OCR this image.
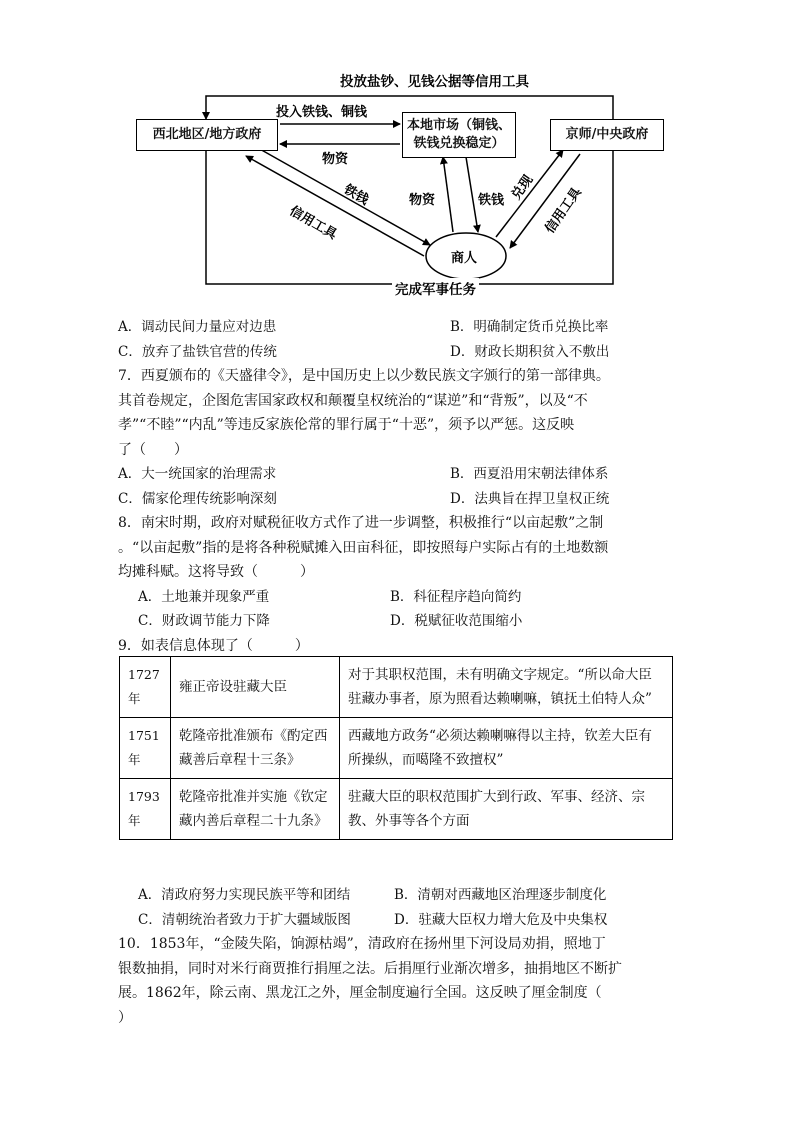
投放盐钞、见钱公据等信用工具
西北地区/地方政府
本地市场（铜钱、铁钱兑换稳定）
京师/中央政府
商人
完成军事任务
投入铁钱、铜钱
物资
铁钱
信用工具
物资	铁钱 兑现 信用工具
A．调动民间力量应对边患	B．明确制定货币兑换比率
C．放弃了盐铁官营的传统	D．财政长期积贫入不敷出
7．西夏颁布的《天盛律令》，是中国历史上以少数民族文字颁行的第一部律典。
其首卷规定，企图危害国家政权和颠覆皇权统治的“谋逆”和“背叛”，以及“不
孝”“不睦”“内乱”等违反家族伦常的罪行属于“十恶”，须予以严惩。这反映
了（　　）
A．大一统国家的治理需求	B．西夏沿用宋朝法律体系
C．儒家伦理传统影响深刻	D．法典旨在捍卫皇权正统
8．南宋时期，政府对赋税征收方式作了进一步调整，积极推行“以亩起敷”之制
。“以亩起敷”指的是将各种税赋摊入田亩科征，即按照每户实际占有的土地数额
均摊科赋。这将导致（　　　）
A．土地兼并现象严重	B．科征程序趋向简约
C．财政调节能力下降	D．税赋征收范围缩小
9．如表信息体现了（　　　）
1727年	雍正帝设驻藏大臣	对于其职权范围，未有明确文字规定。“所以命大臣驻藏办事者，原为照看达赖喇嘛，镇抚土伯特人众”
1751年	乾隆帝批准颁布《酌定西藏善后章程十三条》	西藏地方政务“必须达赖喇嘛得以主持，钦差大臣有所操纵，而噶隆不致擅权”
1793年	乾隆帝批准并实施《钦定藏内善后章程二十九条》	驻藏大臣的职权范围扩大到行政、军事、经济、宗教、外事等各个方面
A．清政府努力实现民族平等和团结	B．清朝对西藏地区治理逐步制度化
C．清朝统治者致力于扩大疆域版图	D．驻藏大臣权力增大危及中央集权
10．1853年，“金陵失陷，饷源枯竭”，清政府在扬州里下河设局劝捐，照地丁
银数抽捐，同时对米行商贾推行捐厘之法。后捐厘行业渐次增多，抽捐地区不断扩
展。1862年，除云南、黑龙江之外，厘金制度遍行全国。这反映了厘金制度（
）
